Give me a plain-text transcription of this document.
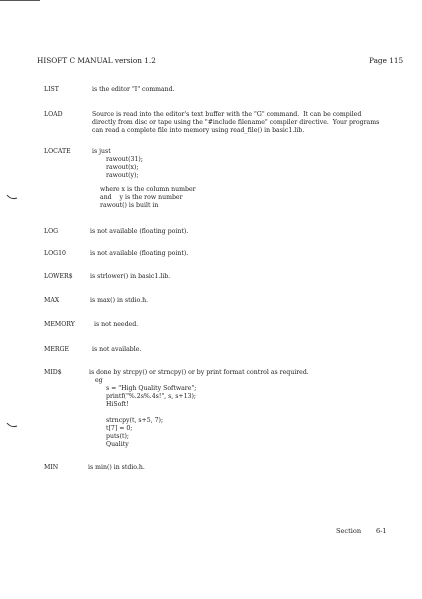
HISOFT C MANUAL version 1.2	Page 115
LIST	is the editor "I" command.
LOAD	Source is read into the editor's text buffer with the "G" command.  It can be compiled
directly from disc or tape using the "#include filename" compiler directive.  Your programs
can read a complete file into memory using read_file() in basic1.lib.
LOCATE	is just
rawout(31);
rawout(x);
rawout(y);
where x is the column number
and    y is the row number
rawout() is built in
LOG	is not available (floating point).
LOG10	is not available (floating point).
LOWER$	is strlower() in basic1.lib.
MAX	is max() in stdio.h.
MEMORY	is not needed.
MERGE	is not available.
MID$	is done by strcpy() or strncpy() or by print format control as required.
eg
s = "High Quality Software";
printf("%.2s%.4s!", s, s+13);
HiSoft!
strncpy(t, s+5, 7);
t[7] = 0;
puts(t);
Quality
MIN	is min() in stdio.h.
Section 6-1
